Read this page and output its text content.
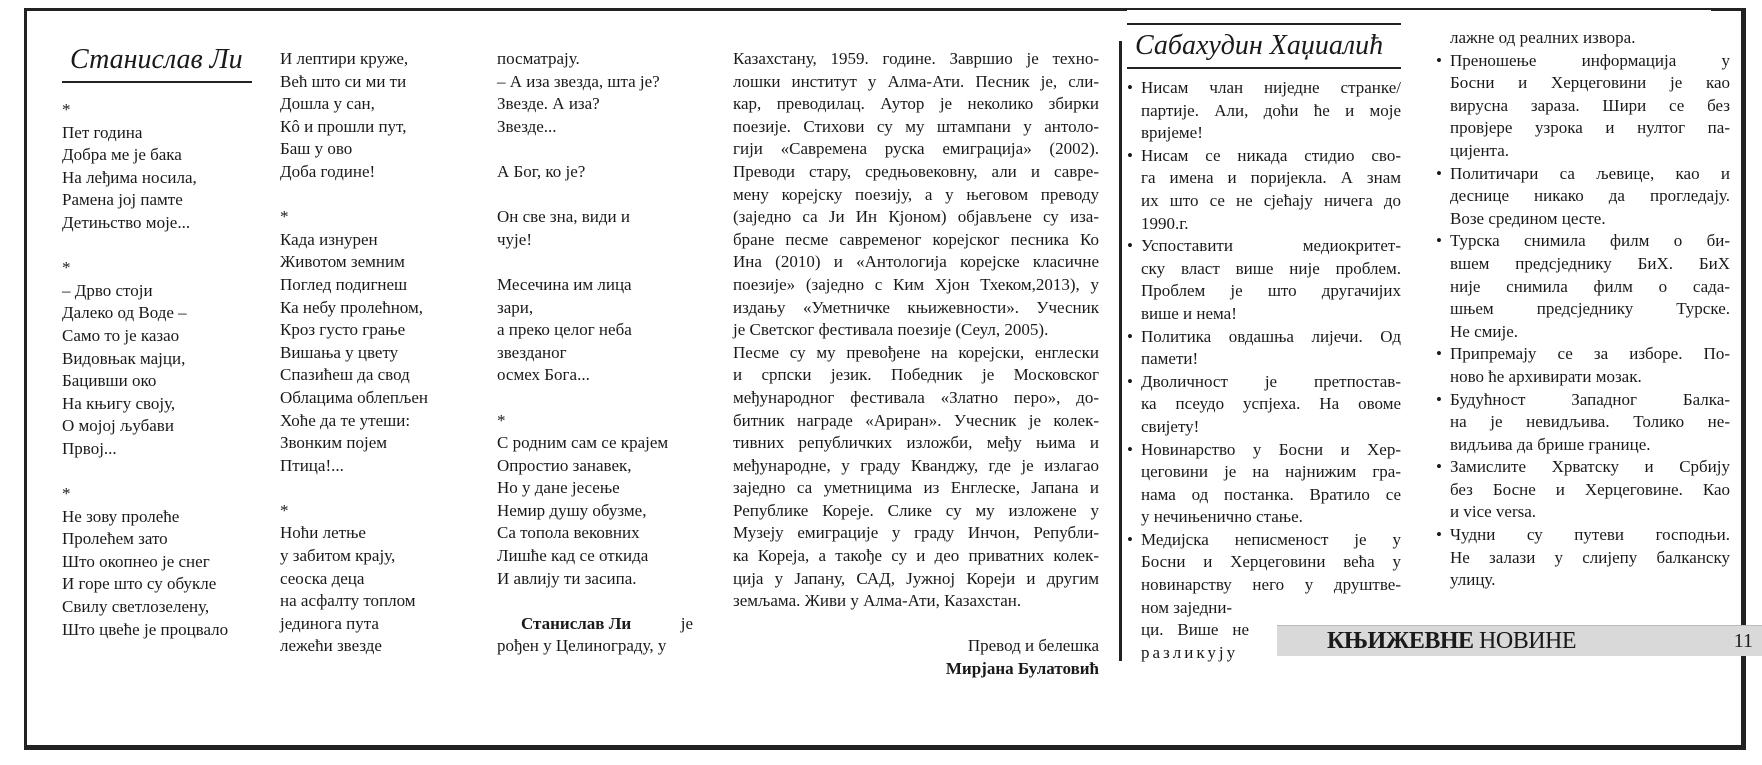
Станислав Ли
*
Пет година
Добра ме је бака
На леђима носила,
Рамена јој памте
Детињство моје...
*
– Дрво стоји
Далеко од Воде –
Само то је казао
Видовњак мајци,
Бацивши око
На књигу своју,
О мојој љубави
Првој...
*
Не зову пролеће
Пролећем зато
Што окопнео је снег
И горе што су обукле
Свилу светлозелену,
Што цвеће је процвало
И лептири круже,
Већ што си ми ти
Дошла у сан,
Кô и прошли пут,
Баш у ово
Доба године!
*
Када изнурен
Животом земним
Поглед подигнеш
Ка небу пролећном,
Кроз густо грање
Вишања у цвету
Спазићеш да свод
Облацима облепљен
Хоће да те утеши:
Звонким појем
Птица!...
*
Ноћи летње
у забитом крају,
сеоска деца
на асфалту топлом
јединога пута
лежећи звезде
посматрају.
– А иза звезда, шта је?
Звезде. А иза?
Звезде...
А Бог, ко је?
Он све зна, види и
чује!
Месечина им лица
зари,
а преко целог неба
звезданог
осмех Бога...
*
С родним сам се крајем
Опростио занавек,
Но у дане јесење
Немир душу обузме,
Са топола вековних
Лишће кад се откида
И авлију ти засипа.
Станислав Ли	је
рођен у Целинограду, у
Казахстану, 1959. године. Завршио је техно-
лошки институт у Алма-Ати. Песник је, сли-
кар, преводилац. Аутор је неколико збирки
поезије. Стихови су му штампани у антоло-
гији «Савремена руска емиграција» (2002).
Преводи стару, средњовековну, али и савре-
мену корејску поезију, а у његовом преводу
(заједно са Ји Ин Кјоном) објављене су иза-
бране песме савременог корејског песника Ко
Ина (2010) и «Антологија корејске класичне
поезије» (заједно с Ким Хјон Тхеком,2013), у
издању «Уметничке књижевности». Учесник
је Светског фестивала поезије (Сеул, 2005).
Песме су му превођене на корејски, енглески
и српски језик. Победник је Московског
међународног фестивала «Златно перо», до-
битник награде «Ариран». Учесник је колек-
тивних републичких изложби, међу њима и
међународне, у граду Кванджу, где је излагао
заједно са уметницима из Енглеске, Јапана и
Републике Кореје. Слике су му изложене у
Музеју емиграције у граду Инчон, Републи-
ка Кореја, а такође су и део приватних колек-
ција у Јапану, САД, Јужној Кореји и другим
земљама. Живи у Алма-Ати, Казахстан.
Превод и белешка
Мирјана Булатовић
Сабахудин Хаџиалић
• Нисам члан ниједне странке/
партије. Али, доћи ће и моје
вријеме!
• Нисам се никада стидио сво-
га имена и поријекла. А знам
их што се не сјећају ничега до
1990.г.
• Успоставити медиокритет-
ску власт више није проблем.
Проблем је што другачијих
више и нема!
• Политика овдашња лијечи. Од
памети!
• Дволичност је претпостав-
ка псеудо успјеха. На овоме
свијету!
• Новинарство у Босни и Хер-
цеговини је на најнижим гра-
нама од постанка. Вратило се
у нечињенично стање.
• Медијска неписменост је у
Босни и Херцеговини већа у
новинарству него у друштве-
ном заједни-
ци. Више не
разликују
лажне од реалних извора.
• Преношење информација у
Босни и Херцеговини је као
вирусна зараза. Шири се без
провјере узрока и нултог па-
цијента.
• Политичари са љевице, као и
деснице никако да прогледају.
Возе средином цесте.
• Турска снимила филм о би-
вшем предсједнику БиХ. БиХ
није снимила филм о сада-
шњем предсједнику Турске.
Не смије.
• Припремају се за изборе. По-
ново ће архивирати мозак.
• Будућност Западног Балка-
на је невидљива. Толико не-
видљива да брише границе.
• Замислите Хрватску и Србију
без Босне и Херцеговине. Као
и vice versa.
• Чудни су путеви господњи.
Не залази у слијепу балканску
улицу.
КЊИЖЕВНЕ НОВИНЕ	11
